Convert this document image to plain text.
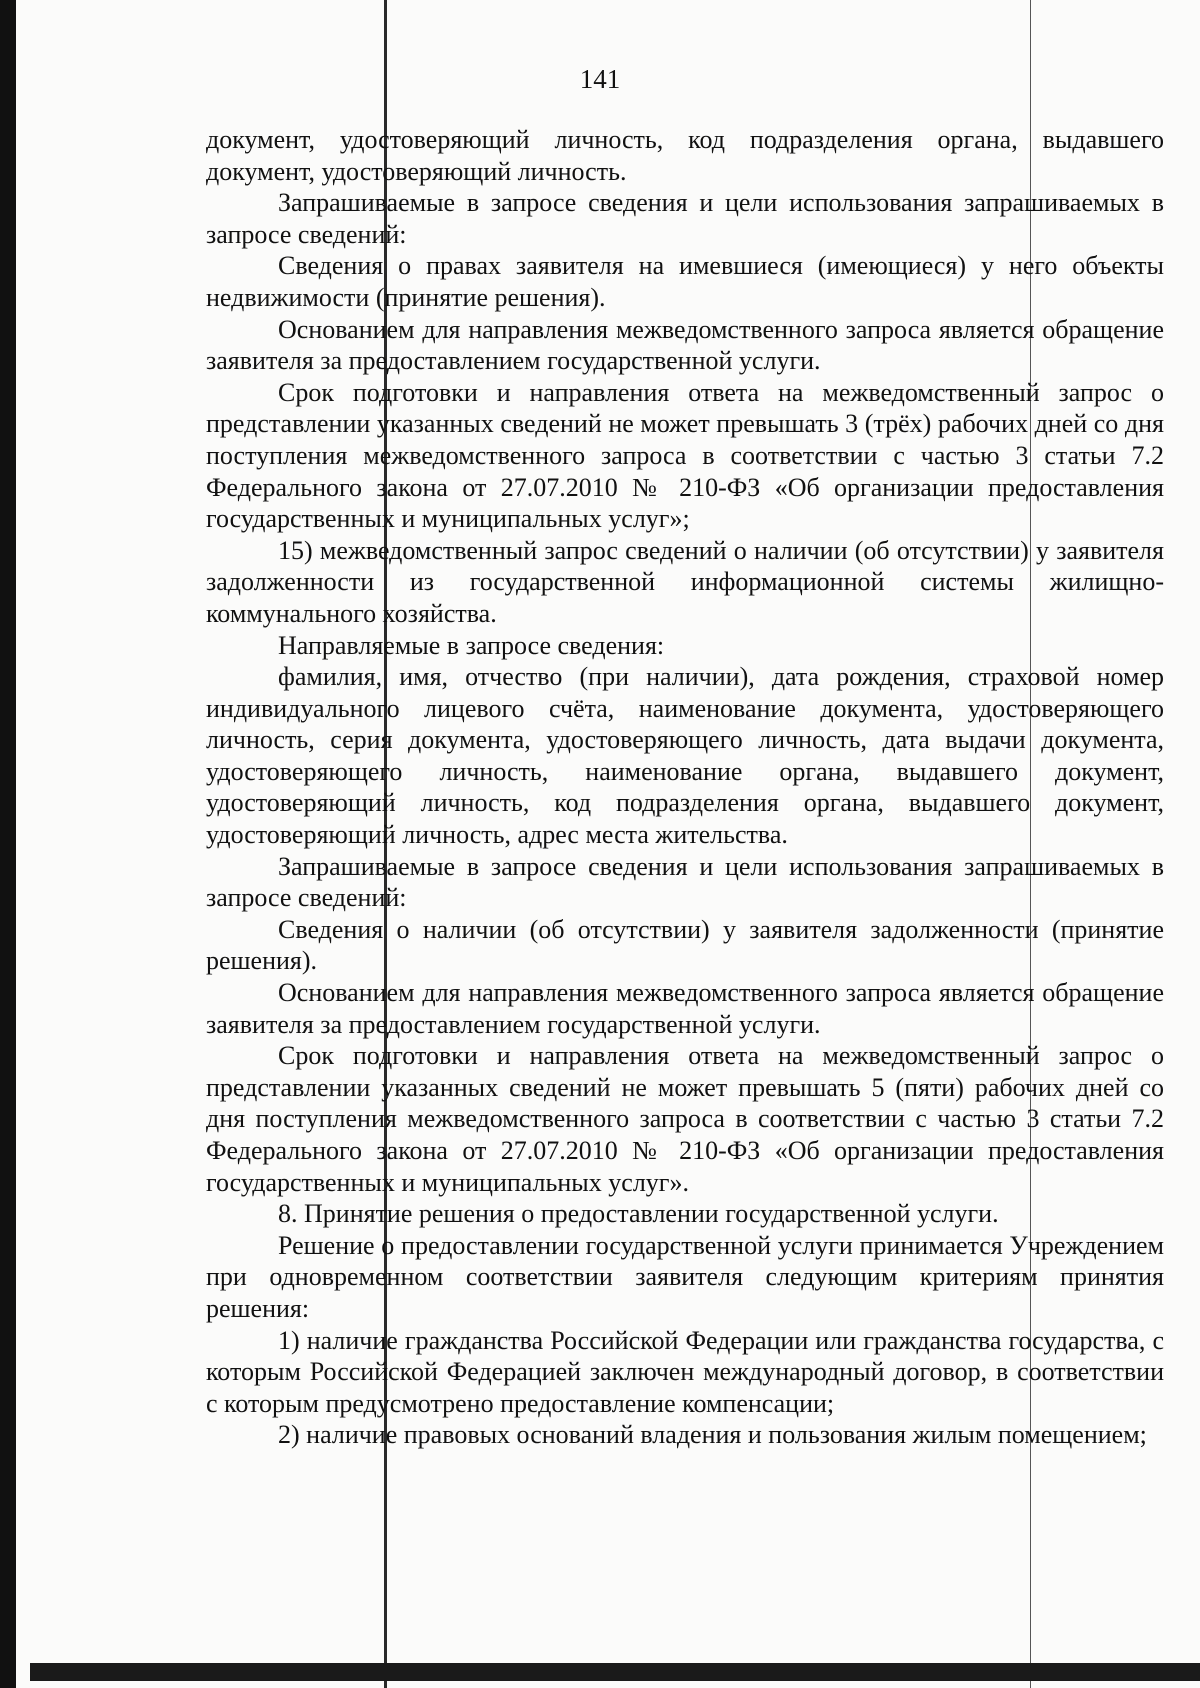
141

документ, удостоверяющий личность, код подразделения органа, выдавшего документ, удостоверяющий личность.

Запрашиваемые в запросе сведения и цели использования запрашиваемых в запросе сведений:

Сведения о правах заявителя на имевшиеся (имеющиеся) у него объекты недвижимости (принятие решения).

Основанием для направления межведомственного запроса является обращение заявителя за предоставлением государственной услуги.

Срок подготовки и направления ответа на межведомственный запрос о представлении указанных сведений не может превышать 3 (трёх) рабочих дней со дня поступления межведомственного запроса в соответствии с частью 3 статьи 7.2 Федерального закона от 27.07.2010 № 210-ФЗ «Об организации предоставления государственных и муниципальных услуг»;

15) межведомственный запрос сведений о наличии (об отсутствии) у заявителя задолженности из государственной информационной системы жилищно-коммунального хозяйства.

Направляемые в запросе сведения:

фамилия, имя, отчество (при наличии), дата рождения, страховой номер индивидуального лицевого счёта, наименование документа, удостоверяющего личность, серия документа, удостоверяющего личность, дата выдачи документа, удостоверяющего личность, наименование органа, выдавшего документ, удостоверяющий личность, код подразделения органа, выдавшего документ, удостоверяющий личность, адрес места жительства.

Запрашиваемые в запросе сведения и цели использования запрашиваемых в запросе сведений:

Сведения о наличии (об отсутствии) у заявителя задолженности (принятие решения).

Основанием для направления межведомственного запроса является обращение заявителя за предоставлением государственной услуги.

Срок подготовки и направления ответа на межведомственный запрос о представлении указанных сведений не может превышать 5 (пяти) рабочих дней со дня поступления межведомственного запроса в соответствии с частью 3 статьи 7.2 Федерального закона от 27.07.2010 № 210-ФЗ «Об организации предоставления государственных и муниципальных услуг».

8. Принятие решения о предоставлении государственной услуги.

Решение о предоставлении государственной услуги принимается Учреждением при одновременном соответствии заявителя следующим критериям принятия решения:

1) наличие гражданства Российской Федерации или гражданства государства, с которым Российской Федерацией заключен международный договор, в соответствии с которым предусмотрено предоставление компенсации;

2) наличие правовых оснований владения и пользования жилым помещением;
